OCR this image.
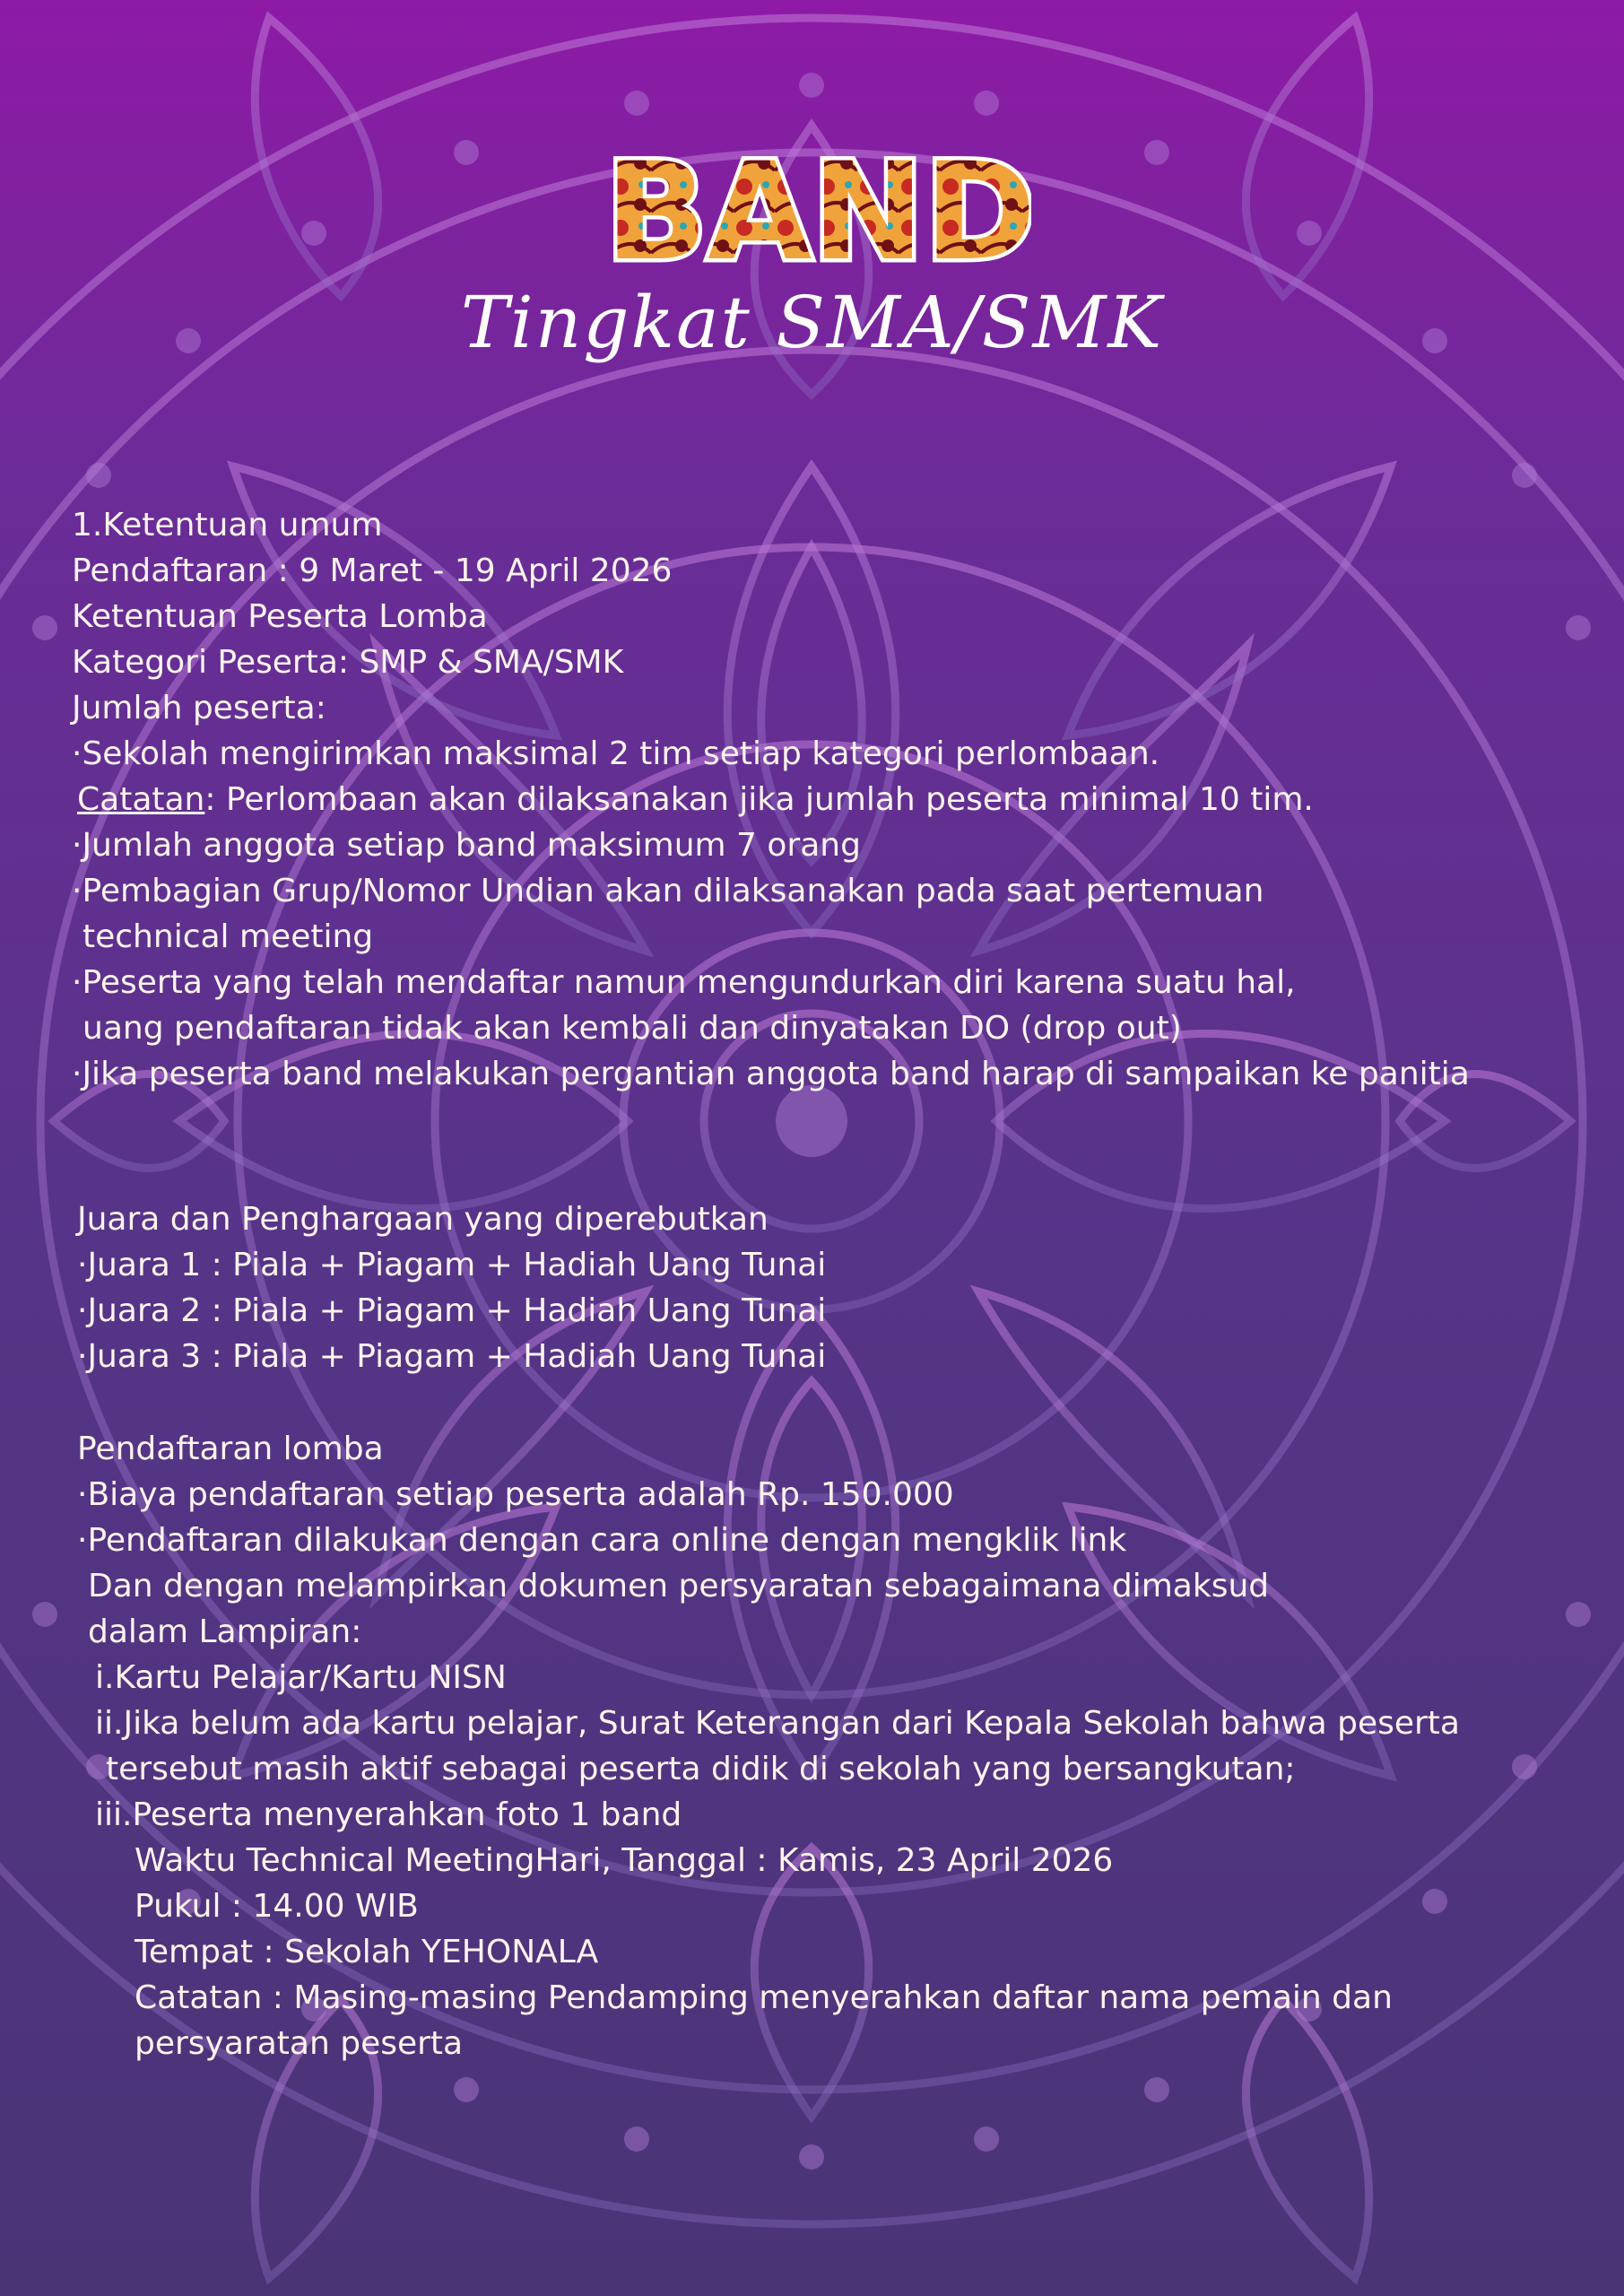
BAND
Tingkat SMA/SMK
1.Ketentuan umum
Pendaftaran : 9 Maret - 19 April 2026
Ketentuan Peserta Lomba
Kategori Peserta: SMP & SMA/SMK
Jumlah peserta:
·Sekolah mengirimkan maksimal 2 tim setiap kategori perlombaan.
Catatan: Perlombaan akan dilaksanakan jika jumlah peserta minimal 10 tim.
·Jumlah anggota setiap band maksimum 7 orang
·Pembagian Grup/Nomor Undian akan dilaksanakan pada saat pertemuan
technical meeting
·Peserta yang telah mendaftar namun mengundurkan diri karena suatu hal,
uang pendaftaran tidak akan kembali dan dinyatakan DO (drop out)
·Jika peserta band melakukan pergantian anggota band harap di sampaikan ke panitia
Juara dan Penghargaan yang diperebutkan
·Juara 1 : Piala + Piagam + Hadiah Uang Tunai
·Juara 2 : Piala + Piagam + Hadiah Uang Tunai
·Juara 3 : Piala + Piagam + Hadiah Uang Tunai
Pendaftaran lomba
·Biaya pendaftaran setiap peserta adalah Rp. 150.000
·Pendaftaran dilakukan dengan cara online dengan mengklik link
Dan dengan melampirkan dokumen persyaratan sebagaimana dimaksud
dalam Lampiran:
i.Kartu Pelajar/Kartu NISN
ii.Jika belum ada kartu pelajar, Surat Keterangan dari Kepala Sekolah bahwa peserta
tersebut masih aktif sebagai peserta didik di sekolah yang bersangkutan;
iii.Peserta menyerahkan foto 1 band
Waktu Technical MeetingHari, Tanggal : Kamis, 23 April 2026
Pukul : 14.00 WIB
Tempat : Sekolah YEHONALA
Catatan : Masing-masing Pendamping menyerahkan daftar nama pemain dan
persyaratan peserta
